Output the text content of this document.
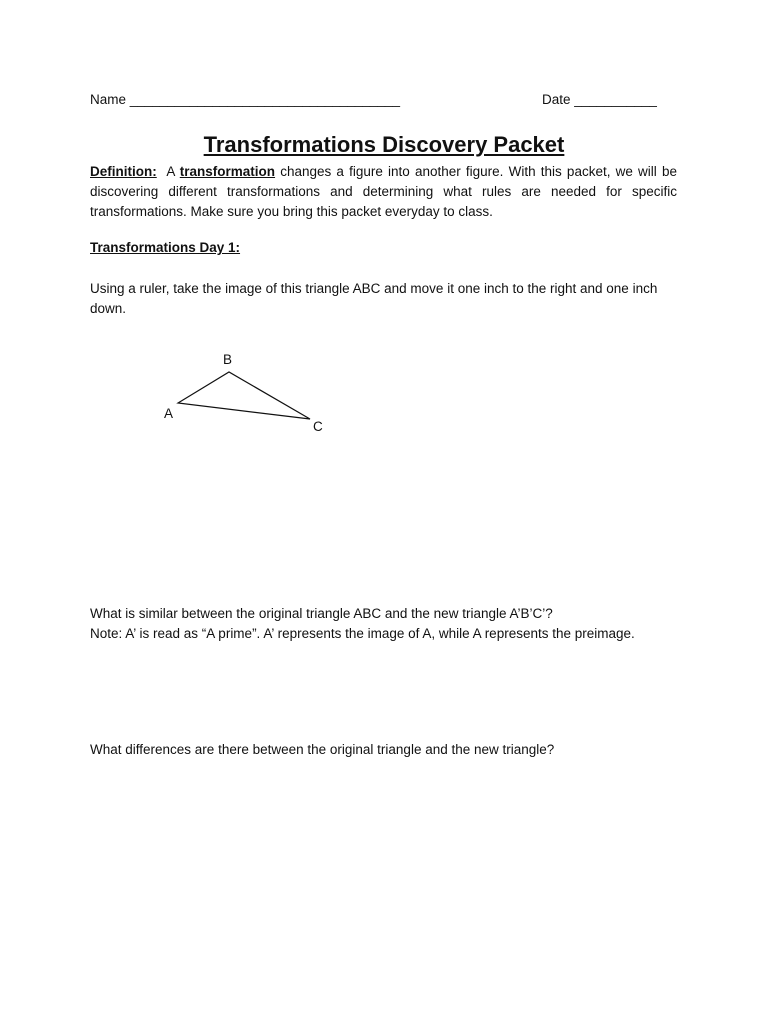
Name ____________________________________	Date ___________
Transformations Discovery Packet

Definition: A transformation changes a figure into another figure. With this packet, we will be discovering different transformations and determining what rules are needed for specific transformations. Make sure you bring this packet everyday to class.

Transformations Day 1:

Using a ruler, take the image of this triangle ABC and move it one inch to the right and one inch down.

B
A
C
What is similar between the original triangle ABC and the new triangle A’B’C’?
Note: A’ is read as “A prime”. A’ represents the image of A, while A represents the preimage.

What differences are there between the original triangle and the new triangle?
